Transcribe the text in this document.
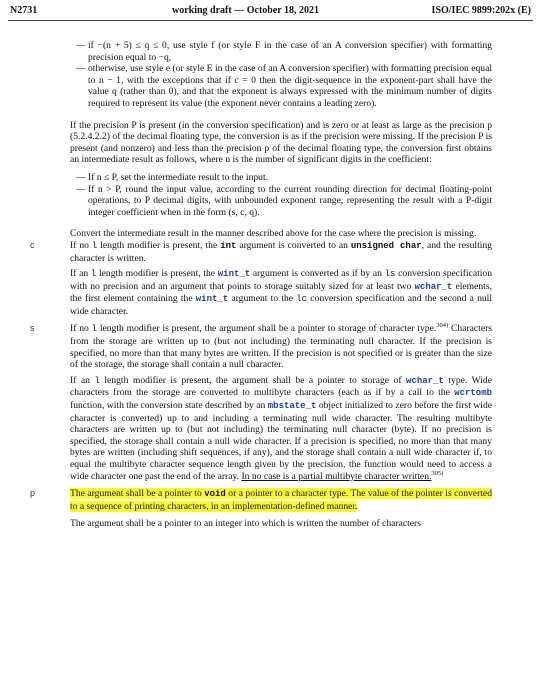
N2731	working draft — October 18, 2021	ISO/IEC 9899:202x (E)
— if −(n + 5) ≤ q ≤ 0, use style f (or style F in the case of an A conversion specifier) with formatting precision equal to −q,
— otherwise, use style e (or style E in the case of an A conversion specifier) with formatting precision equal to n − 1, with the exceptions that if c = 0 then the digit-sequence in the exponent-part shall have the value q (rather than 0), and that the exponent is always expressed with the minimum number of digits required to represent its value (the exponent never contains a leading zero).

If the precision P is present (in the conversion specification) and is zero or at least as large as the precision p (5.2.4.2.2) of the decimal floating type, the conversion is as if the precision were missing. If the precision P is present (and nonzero) and less than the precision p of the decimal floating type, the conversion first obtains an intermediate result as follows, where n is the number of significant digits in the coefficient:

— If n ≤ P, set the intermediate result to the input.
— If n > P, round the input value, according to the current rounding direction for decimal floating-point operations, to P decimal digits, with unbounded exponent range, representing the result with a P-digit integer coefficient when in the form (s, c, q).

Convert the intermediate result in the manner described above for the case where the precision is missing.

c	If no l length modifier is present, the int argument is converted to an unsigned char, and the resulting character is written.

If an l length modifier is present, the wint_t argument is converted as if by an ls conversion specification with no precision and an argument that points to storage suitably sized for at least two wchar_t elements, the first element containing the wint_t argument to the lc conversion specification and the second a null wide character.

s	If no l length modifier is present, the argument shall be a pointer to storage of character type.$^{304)}$ Characters from the storage are written up to (but not including) the terminating null character. If the precision is specified, no more than that many bytes are written. If the precision is not specified or is greater than the size of the storage, the storage shall contain a null character.

If an l length modifier is present, the argument shall be a pointer to storage of wchar_t type. Wide characters from the storage are converted to multibyte characters (each as if by a call to the wcrtomb function, with the conversion state described by an mbstate_t object initialized to zero before the first wide character is converted) up to and including a terminating null wide character. The resulting multibyte characters are written up to (but not including) the terminating null character (byte). If no precision is specified, the storage shall contain a null wide character. If a precision is specified, no more than that many bytes are written (including shift sequences, if any), and the storage shall contain a null wide character if, to equal the multibyte character sequence length given by the precision, the function would need to access a wide character one past the end of the array. In no case is a partial multibyte character written.$^{305)}$

p	The argument shall be a pointer to void or a pointer to a character type. The value of the pointer is converted to a sequence of printing characters, in an implementation-defined manner.

The argument shall be a pointer to an integer into which is written the number of characters
